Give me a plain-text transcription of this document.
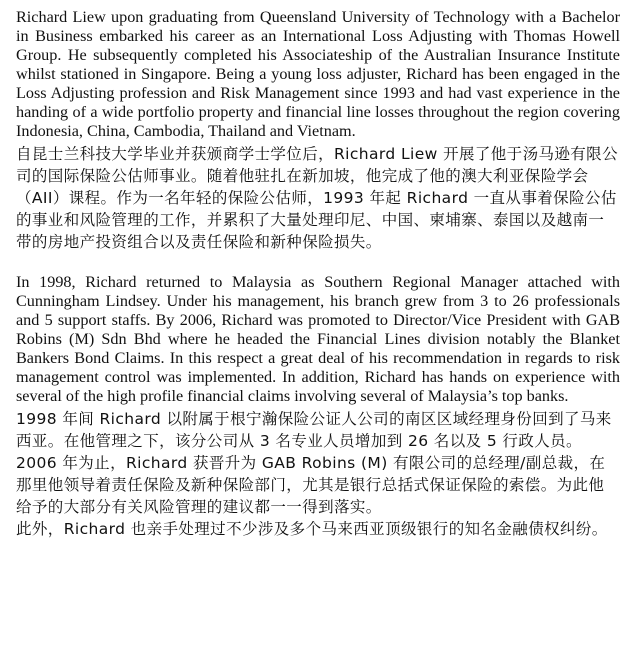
Richard Liew upon graduating from Queensland University of Technology with a Bachelor in Business embarked his career as an International Loss Adjusting with Thomas Howell Group. He subsequently completed his Associateship of the Australian Insurance Institute whilst stationed in Singapore. Being a young loss adjuster, Richard has been engaged in the Loss Adjusting profession and Risk Management since 1993 and had vast experience in the handing of a wide portfolio property and financial line losses throughout the region covering Indonesia, China, Cambodia, Thailand and Vietnam.

自昆士兰科技大学毕业并获颁商学士学位后，Richard Liew 开展了他于汤马逊有限公司的国际保险公估师事业。随着他驻扎在新加坡，他完成了他的澳大利亚保险学会（AII）课程。作为一名年轻的保险公估师，1993 年起 Richard 一直从事着保险公估的事业和风险管理的工作，并累积了大量处理印尼、中国、柬埔寨、泰国以及越南一带的房地产投资组合以及责任保险和新种保险损失。

In 1998, Richard returned to Malaysia as Southern Regional Manager attached with Cunningham Lindsey. Under his management, his branch grew from 3 to 26 professionals and 5 support staffs. By 2006, Richard was promoted to Director/Vice President with GAB Robins (M) Sdn Bhd where he headed the Financial Lines division notably the Blanket Bankers Bond Claims. In this respect a great deal of his recommendation in regards to risk management control was implemented. In addition, Richard has hands on experience with several of the high profile financial claims involving several of Malaysia’s top banks.

1998 年间 Richard 以附属于根宁瀚保险公证人公司的南区区域经理身份回到了马来西亚。在他管理之下，该分公司从 3 名专业人员增加到 26 名以及 5 行政人员。2006 年为止，Richard 获晋升为 GAB Robins (M) 有限公司的总经理/副总裁，在那里他领导着责任保险及新种保险部门，尤其是银行总括式保证保险的索偿。为此他给予的大部分有关风险管理的建议都一一得到落实。

此外，Richard 也亲手处理过不少涉及多个马来西亚顶级银行的知名金融债权纠纷。
